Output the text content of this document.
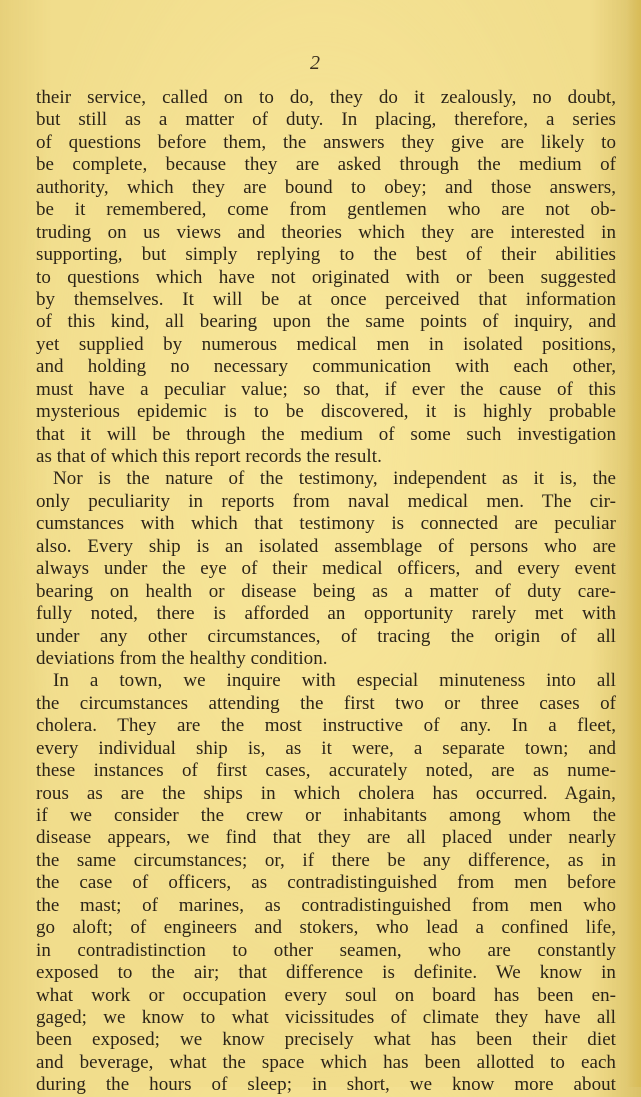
2

their service, called on to do, they do it zealously, no doubt,
but still as a matter of duty. In placing, therefore, a series
of questions before them, the answers they give are likely to
be complete, because they are asked through the medium of
authority, which they are bound to obey; and those answers,
be it remembered, come from gentlemen who are not ob-
truding on us views and theories which they are interested in
supporting, but simply replying to the best of their abilities
to questions which have not originated with or been suggested
by themselves. It will be at once perceived that information
of this kind, all bearing upon the same points of inquiry, and
yet supplied by numerous medical men in isolated positions,
and holding no necessary communication with each other,
must have a peculiar value; so that, if ever the cause of this
mysterious epidemic is to be discovered, it is highly probable
that it will be through the medium of some such investigation
as that of which this report records the result.
Nor is the nature of the testimony, independent as it is, the
only peculiarity in reports from naval medical men. The cir-
cumstances with which that testimony is connected are peculiar
also. Every ship is an isolated assemblage of persons who are
always under the eye of their medical officers, and every event
bearing on health or disease being as a matter of duty care-
fully noted, there is afforded an opportunity rarely met with
under any other circumstances, of tracing the origin of all
deviations from the healthy condition.
In a town, we inquire with especial minuteness into all
the circumstances attending the first two or three cases of
cholera. They are the most instructive of any. In a fleet,
every individual ship is, as it were, a separate town; and
these instances of first cases, accurately noted, are as nume-
rous as are the ships in which cholera has occurred. Again,
if we consider the crew or inhabitants among whom the
disease appears, we find that they are all placed under nearly
the same circumstances; or, if there be any difference, as in
the case of officers, as contradistinguished from men before
the mast; of marines, as contradistinguished from men who
go aloft; of engineers and stokers, who lead a confined life,
in contradistinction to other seamen, who are constantly
exposed to the air; that difference is definite. We know in
what work or occupation every soul on board has been en-
gaged; we know to what vicissitudes of climate they have all
been exposed; we know precisely what has been their diet
and beverage, what the space which has been allotted to each
during the hours of sleep; in short, we know more about
